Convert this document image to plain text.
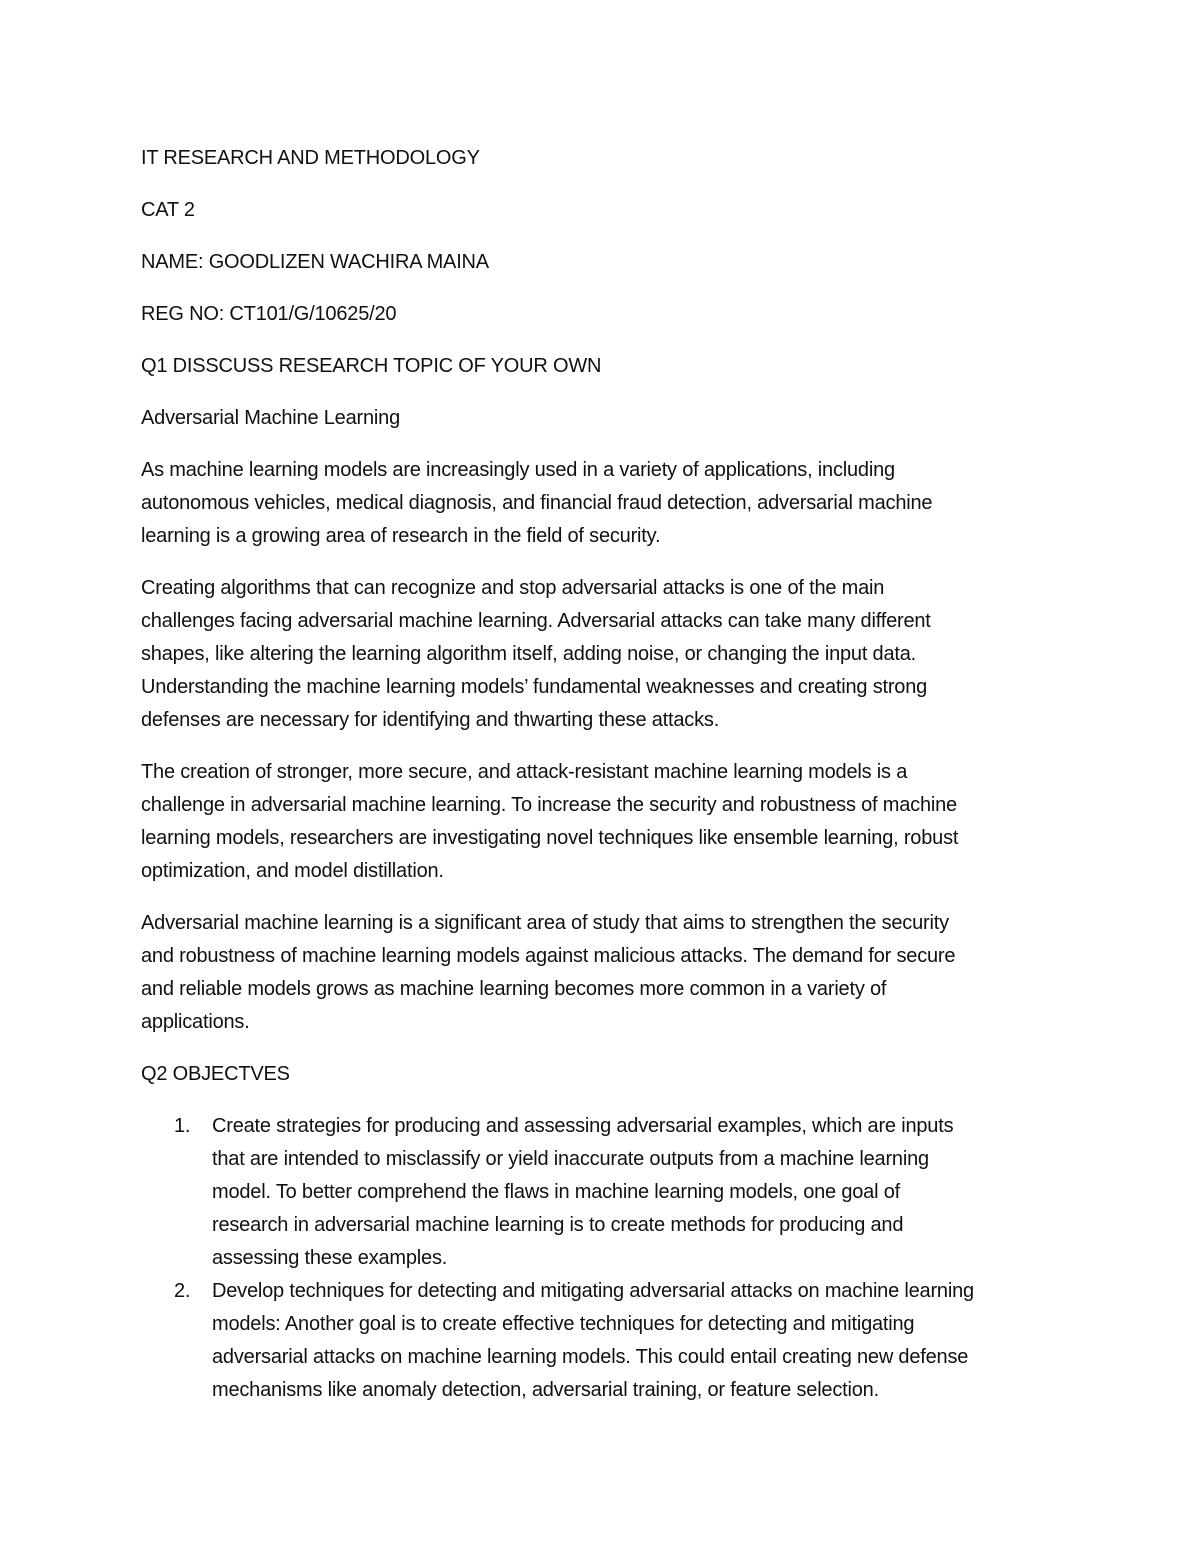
IT RESEARCH AND METHODOLOGY

CAT 2

NAME: GOODLIZEN WACHIRA MAINA

REG NO: CT101/G/10625/20

Q1 DISSCUSS RESEARCH TOPIC OF YOUR OWN

Adversarial Machine Learning

As machine learning models are increasingly used in a variety of applications, including
autonomous vehicles, medical diagnosis, and financial fraud detection, adversarial machine
learning is a growing area of research in the field of security.
Creating algorithms that can recognize and stop adversarial attacks is one of the main
challenges facing adversarial machine learning. Adversarial attacks can take many different
shapes, like altering the learning algorithm itself, adding noise, or changing the input data.
Understanding the machine learning models’ fundamental weaknesses and creating strong
defenses are necessary for identifying and thwarting these attacks.
The creation of stronger, more secure, and attack-resistant machine learning models is a
challenge in adversarial machine learning. To increase the security and robustness of machine
learning models, researchers are investigating novel techniques like ensemble learning, robust
optimization, and model distillation.
Adversarial machine learning is a significant area of study that aims to strengthen the security
and robustness of machine learning models against malicious attacks. The demand for secure
and reliable models grows as machine learning becomes more common in a variety of
applications.

Q2 OBJECTVES

1. Create strategies for producing and assessing adversarial examples, which are inputs
that are intended to misclassify or yield inaccurate outputs from a machine learning
model. To better comprehend the flaws in machine learning models, one goal of
research in adversarial machine learning is to create methods for producing and
assessing these examples.
2. Develop techniques for detecting and mitigating adversarial attacks on machine learning
models: Another goal is to create effective techniques for detecting and mitigating
adversarial attacks on machine learning models. This could entail creating new defense
mechanisms like anomaly detection, adversarial training, or feature selection.
